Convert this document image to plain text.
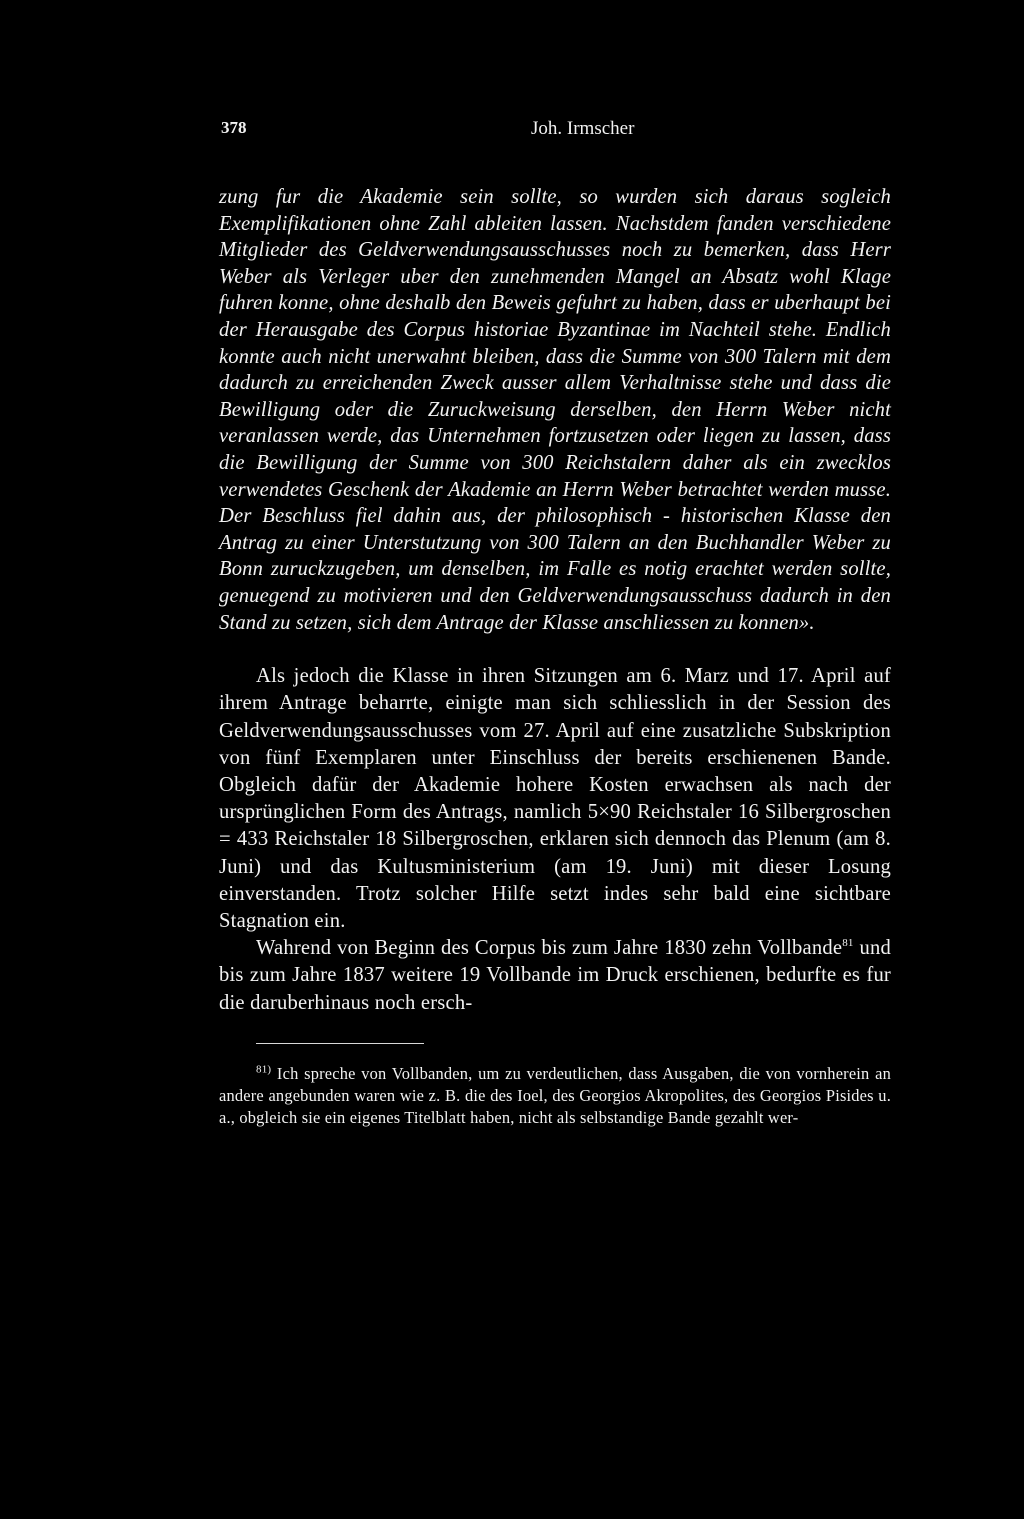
378	Joh. Irmscher
zung fur die Akademie sein sollte, so wurden sich daraus sogleich Exemplifikationen ohne Zahl ableiten lassen. Nachstdem fanden verschiedene Mitglieder des Geldverwendungsausschusses noch zu bemerken, dass Herr Weber als Verleger uber den zunehmenden Mangel an Absatz wohl Klage fuhren konne, ohne deshalb den Beweis gefuhrt zu haben, dass er uberhaupt bei der Herausgabe des Corpus historiae Byzantinae im Nachteil stehe. Endlich konnte auch nicht unerwahnt bleiben, dass die Summe von 300 Talern mit dem dadurch zu erreichenden Zweck ausser allem Verhaltnisse stehe und dass die Bewilligung oder die Zuruckweisung derselben, den Herrn Weber nicht veranlassen werde, das Unternehmen fortzusetzen oder liegen zu lassen, dass die Bewilligung der Summe von 300 Reichstalern daher als ein zwecklos verwendetes Geschenk der Akademie an Herrn Weber betrachtet werden musse. Der Beschluss fiel dahin aus, der philosophisch - historischen Klasse den Antrag zu einer Unterstutzung von 300 Talern an den Buchhandler Weber zu Bonn zuruckzugeben, um denselben, im Falle es notig erachtet werden sollte, genuegend zu motivieren und den Geldverwendungsausschuss dadurch in den Stand zu setzen, sich dem Antrage der Klasse anschliessen zu konnen».

Als jedoch die Klasse in ihren Sitzungen am 6. Marz und 17. April auf ihrem Antrage beharrte, einigte man sich schliesslich in der Session des Geldverwendungsausschusses vom 27. April auf eine zusatzliche Subskription von fünf Exemplaren unter Einschluss der bereits erschienenen Bande. Obgleich dafür der Akademie hohere Kosten erwachsen als nach der ursprünglichen Form des Antrags, namlich 5×90 Reichstaler 16 Silbergroschen = 433 Reichstaler 18 Silbergroschen, erklaren sich dennoch das Plenum (am 8. Juni) und das Kultusministerium (am 19. Juni) mit dieser Losung einverstanden. Trotz solcher Hilfe setzt indes sehr bald eine sichtbare Stagnation ein.

Wahrend von Beginn des Corpus bis zum Jahre 1830 zehn Vollbande$^{81}$ und bis zum Jahre 1837 weitere 19 Vollbande im Druck erschienen, bedurfte es fur die daruberhinaus noch ersch-

$^{81)}$ Ich spreche von Vollbanden, um zu verdeutlichen, dass Ausgaben, die von vornherein an andere angebunden waren wie z. B. die des Ioel, des Georgios Akropolites, des Georgios Pisides u. a., obgleich sie ein eigenes Titelblatt haben, nicht als selbstandige Bande gezahlt wer-
